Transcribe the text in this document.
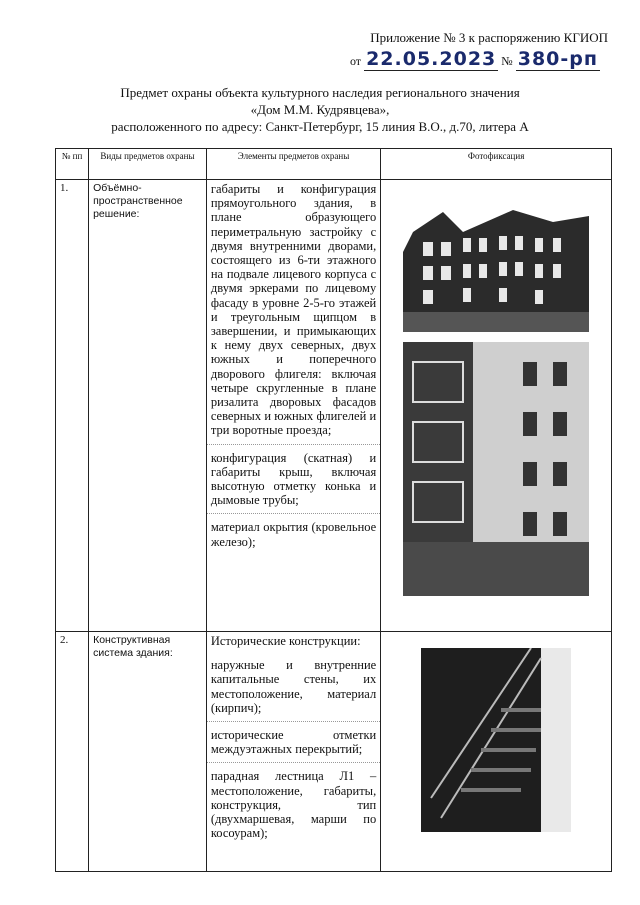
Приложение № 3 к распоряжению КГИОП
от 22.05.2023 № 380-рп
Предмет охраны объекта культурного наследия регионального значения
«Дом М.М. Кудрявцева»,
расположенного по адресу: Санкт-Петербург, 15 линия В.О., д.70, литера А
№ пп	Виды предметов охраны	Элементы предметов охраны	Фотофиксация
1.	Объёмно-пространственное решение:	габариты и конфигурация прямоугольного здания, в плане образующего периметральную застройку с двумя внутренними дворами, состоящего из 6-ти этажного на подвале лицевого корпуса с двумя эркерами по лицевому фасаду в уровне 2-5-го этажей и треугольным щипцом в завершении, и примыкающих к нему двух северных, двух южных и поперечного дворового флигеля: включая четыре скругленные в плане ризалита дворовых фасадов северных и южных флигелей и три воротные проезда;

конфигурация (скатная) и габариты крыш, включая высотную отметку конька и дымовые трубы;

материал окрытия (кровельное железо);

2.	Конструктивная система здания:	Исторические конструкции:

наружные и внутренние капитальные стены, их местоположение, материал (кирпич);

исторические отметки междуэтажных перекрытий;

парадная лестница Л1 – местоположение, габариты, конструкция, тип (двухмаршевая, марши по косоурам);
